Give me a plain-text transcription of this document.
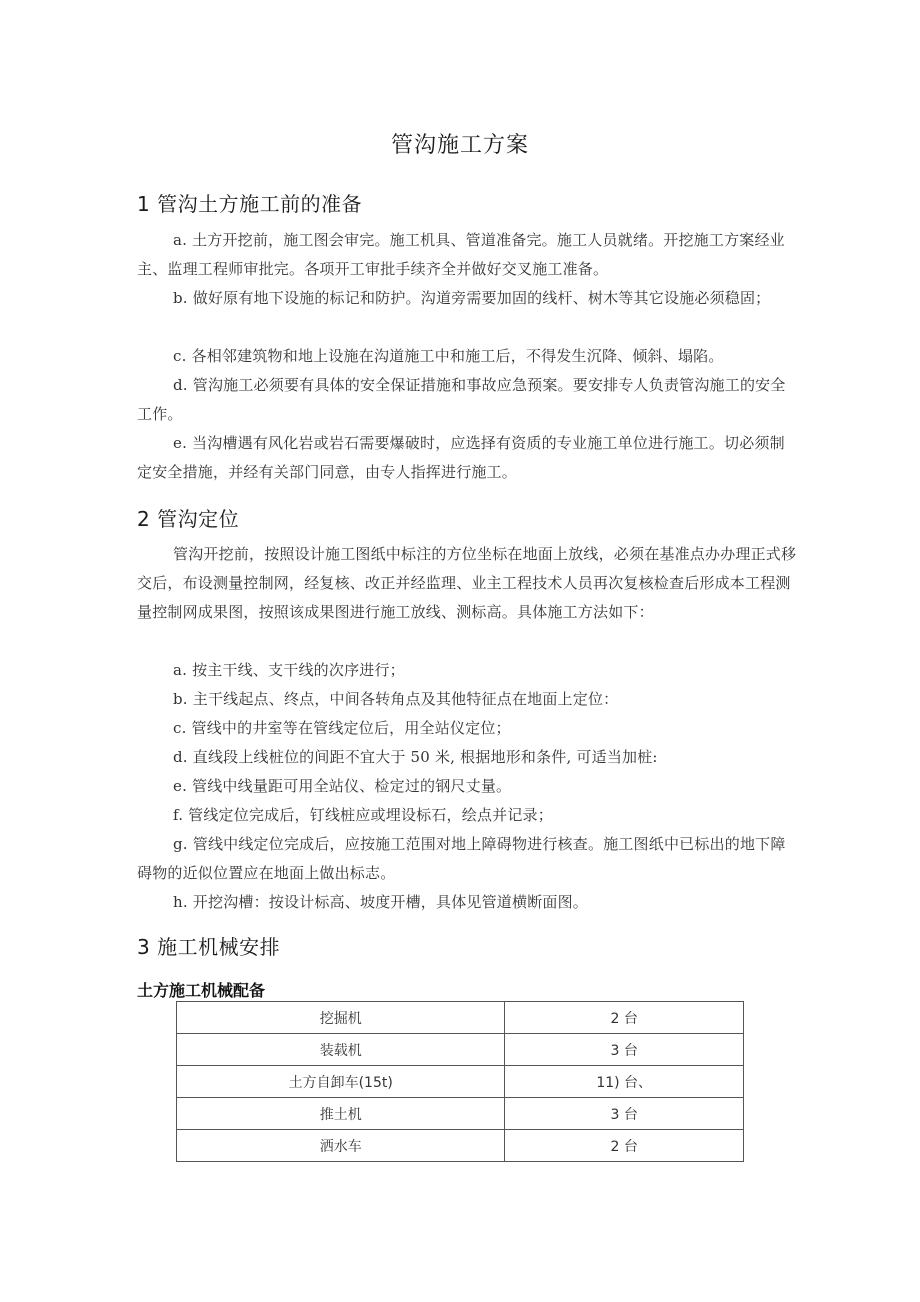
管沟施工方案
1 管沟土方施工前的准备
a. 土方开挖前，施工图会审完。施工机具、管道准备完。施工人员就绪。开挖施工方案经业主、监理工程师审批完。各项开工审批手续齐全并做好交叉施工准备。
b. 做好原有地下设施的标记和防护。沟道旁需要加固的线杆、树木等其它设施必须稳固；
c. 各相邻建筑物和地上设施在沟道施工中和施工后，不得发生沉降、倾斜、塌陷。
d. 管沟施工必须要有具体的安全保证措施和事故应急预案。要安排专人负责管沟施工的安全工作。
e. 当沟槽遇有风化岩或岩石需要爆破时，应选择有资质的专业施工单位进行施工。切必须制定安全措施，并经有关部门同意，由专人指挥进行施工。
2 管沟定位
管沟开挖前，按照设计施工图纸中标注的方位坐标在地面上放线，必须在基准点办办理正式移交后，布设测量控制网，经复核、改正并经监理、业主工程技术人员再次复核检查后形成本工程测量控制网成果图，按照该成果图进行施工放线、测标高。具体施工方法如下：
a. 按主干线、支干线的次序进行；
b. 主干线起点、终点，中间各转角点及其他特征点在地面上定位：
c. 管线中的井室等在管线定位后，用全站仪定位；
d. 直线段上线桩位的间距不宜大于 50 米, 根据地形和条件, 可适当加桩:
e. 管线中线量距可用全站仪、检定过的钢尺丈量。
f. 管线定位完成后，钉线桩应或埋设标石，绘点并记录；
g. 管线中线定位完成后，应按施工范围对地上障碍物进行核查。施工图纸中已标出的地下障碍物的近似位置应在地面上做出标志。
h. 开挖沟槽：按设计标高、坡度开槽，具体见管道横断面图。
3 施工机械安排
土方施工机械配备
挖掘机	2 台
装载机	3 台
土方自卸车(15t)	11) 台、
推土机	3 台
洒水车	2 台
